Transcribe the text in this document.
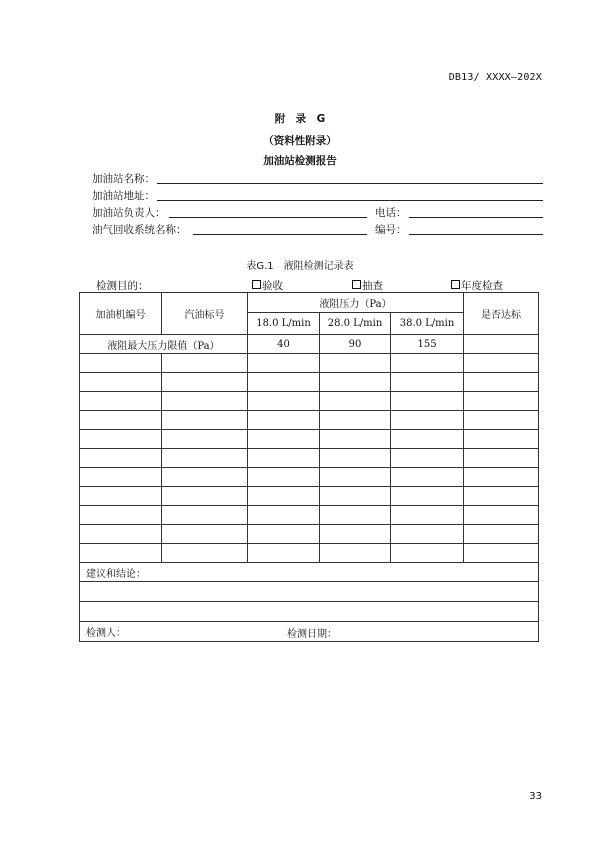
DB13/ XXXX—202X
附　录　G
（资料性附录）
加油站检测报告
加油站名称：
加油站地址：
加油站负责人：	电话：
油气回收系统名称：	编号：
表G.1　液阻检测记录表
检测目的：	验收	抽查	年度检查
加油机编号	汽油标号	液阻压力（Pa）			是否达标
		18.0 L/min	28.0 L/min	38.0 L/min	
液阻最大压力限值（Pa）		40	90	155	

建议和结论：					

检测人： 检测日期：					
33
